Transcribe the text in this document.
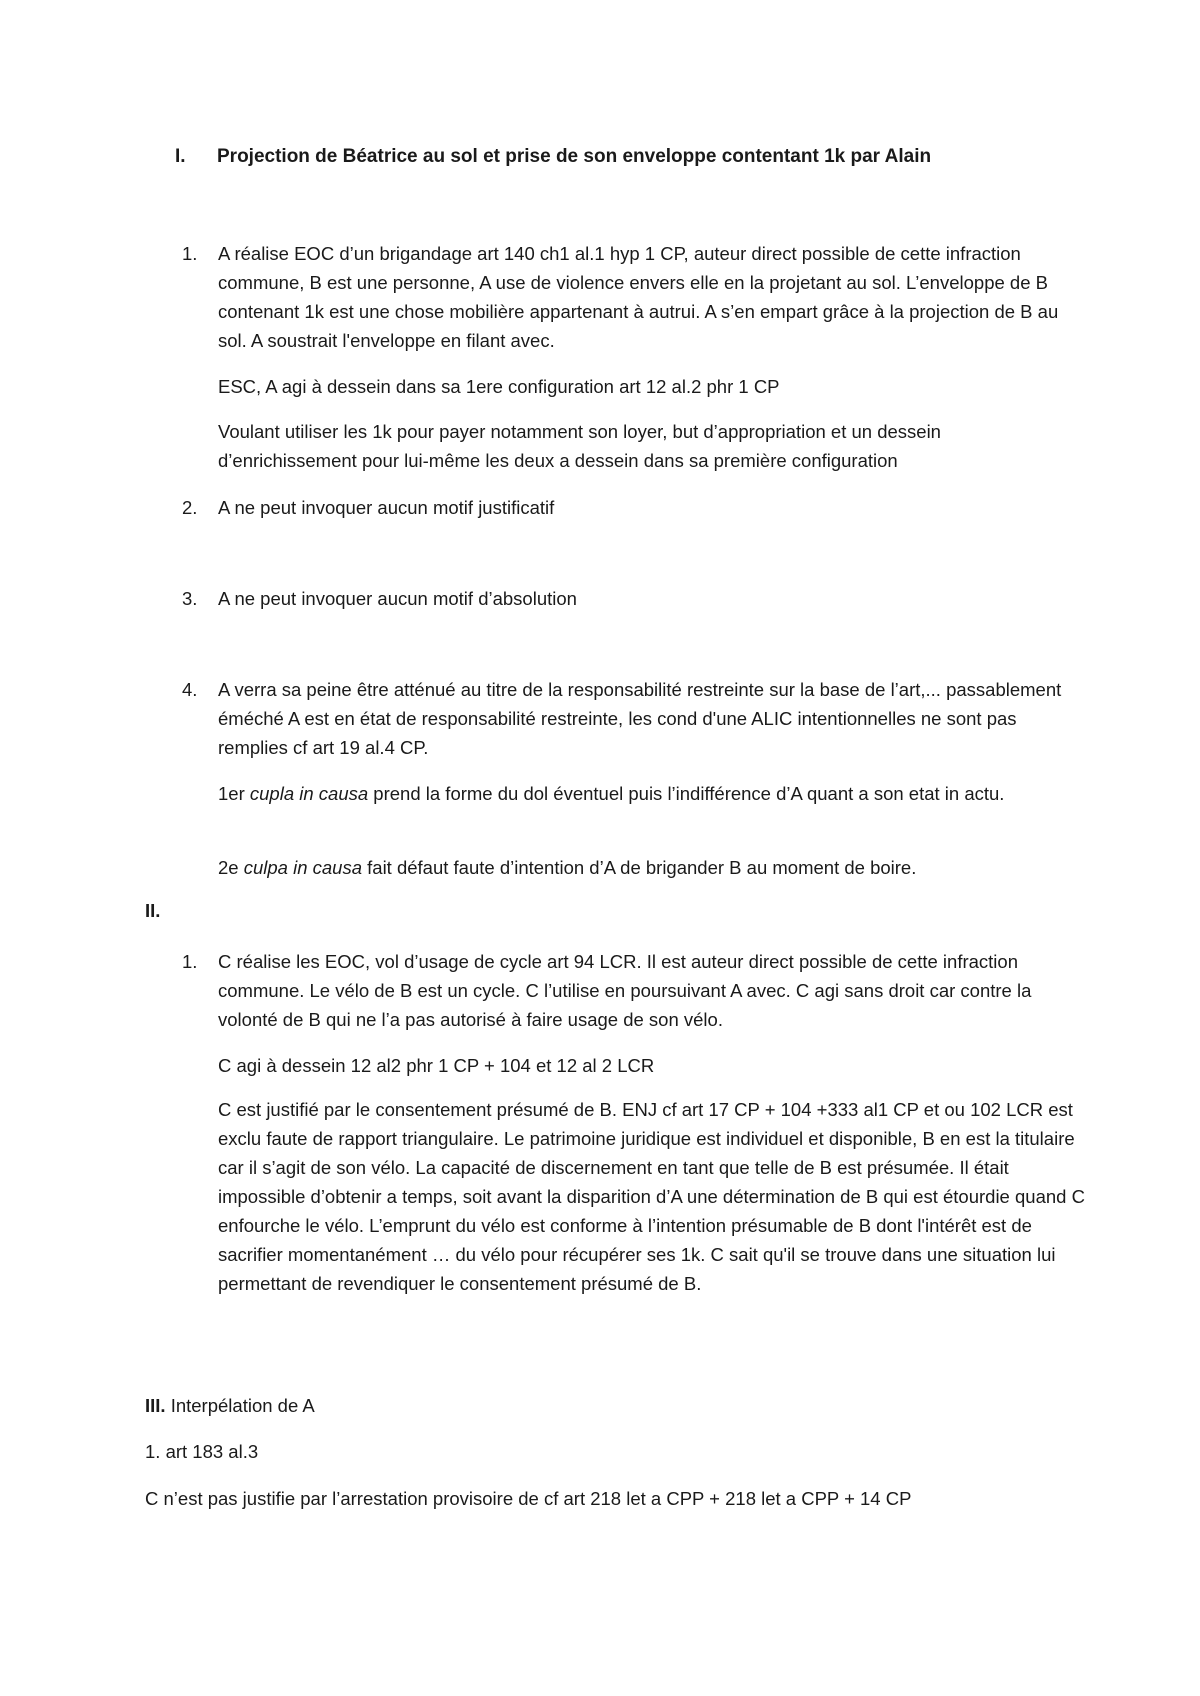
I. Projection de Béatrice au sol et prise de son enveloppe contentant 1k par Alain
1. A réalise EOC d’un brigandage art 140 ch1 al.1 hyp 1 CP, auteur direct possible de cette infraction commune, B est une personne, A use de violence envers elle en la projetant au sol. L’enveloppe de B contenant 1k est une chose mobilière appartenant à autrui. A s’en empart grâce à la projection de B au sol. A soustrait l'enveloppe en filant avec.
ESC, A agi à dessein dans sa 1ere configuration art 12 al.2 phr 1 CP
Voulant utiliser les 1k pour payer notamment son loyer, but d’appropriation et un dessein d’enrichissement pour lui-même les deux a dessein dans sa première configuration
2. A ne peut invoquer aucun motif justificatif
3. A ne peut invoquer aucun motif d’absolution
4. A verra sa peine être atténué au titre de la responsabilité restreinte sur la base de l’art,... passablement éméché A est en état de responsabilité restreinte, les cond d'une ALIC intentionnelles ne sont pas remplies cf art 19 al.4 CP.
1er cupla in causa prend la forme du dol éventuel puis l’indifférence d’A quant a son etat in actu.
2e culpa in causa fait défaut faute d’intention d’A de brigander B au moment de boire.
II.
1. C réalise les EOC, vol d’usage de cycle art 94 LCR. Il est auteur direct possible de cette infraction commune. Le vélo de B est un cycle. C l’utilise en poursuivant A avec. C agi sans droit car contre la volonté de B qui ne l’a pas autorisé à faire usage de son vélo.
C agi à dessein 12 al2 phr 1 CP + 104 et 12 al 2 LCR
C est justifié par le consentement présumé de B. ENJ cf art 17 CP + 104 +333 al1 CP et ou 102 LCR est exclu faute de rapport triangulaire. Le patrimoine juridique est individuel et disponible, B en est la titulaire car il s’agit de son vélo. La capacité de discernement en tant que telle de B est présumée. Il était impossible d’obtenir a temps, soit avant la disparition d’A une détermination de B qui est étourdie quand C enfourche le vélo. L’emprunt du vélo est conforme à l’intention présumable de B dont l'intérêt est de sacrifier momentanément … du vélo pour récupérer ses 1k. C sait qu'il se trouve dans une situation lui permettant de revendiquer le consentement présumé de B.
III. Interpélation de A
1. art 183 al.3
C n’est pas justifie par l’arrestation provisoire de cf art 218 let a CPP + 218 let a CPP + 14 CP
